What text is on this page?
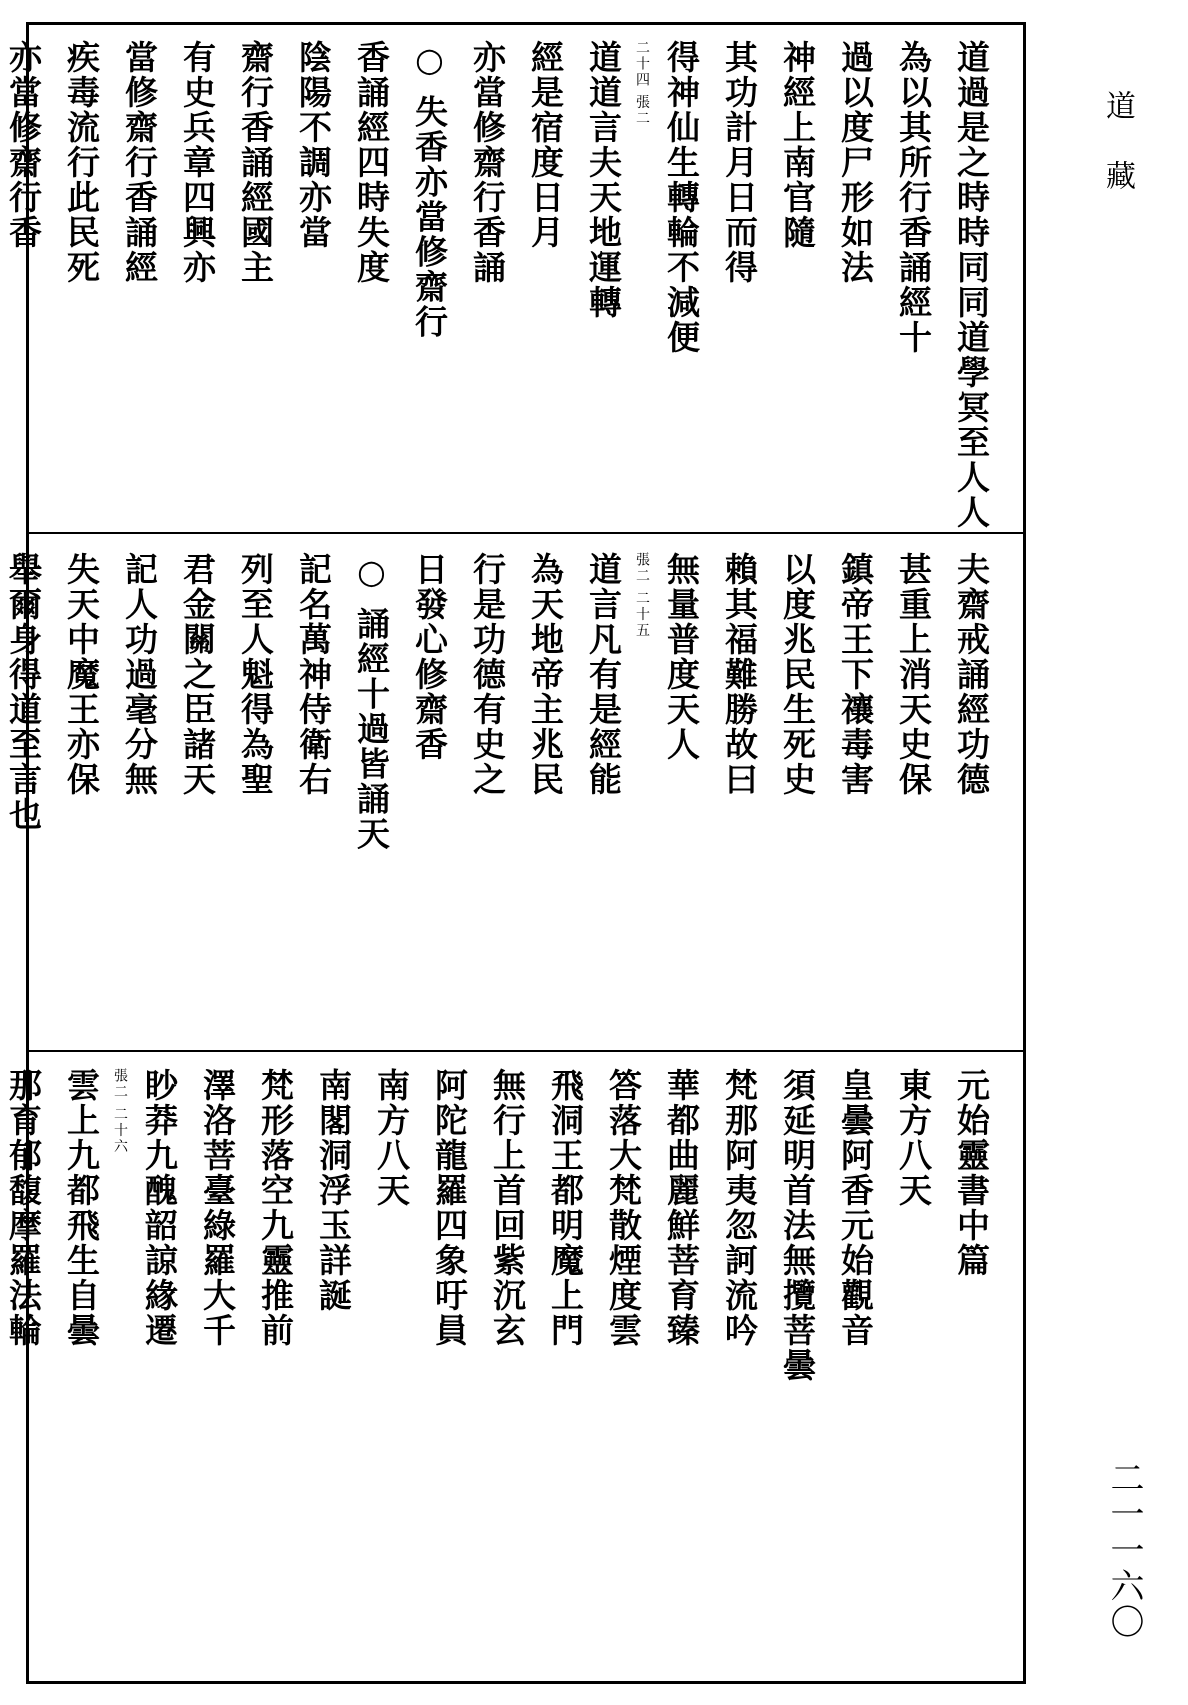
道過是之時時同同道學冥至人人
為以其所行香誦經十
過以度尸形如法
神經上南官隨
其功計月日而得
得神仙生轉輪不減便
二十四 張二
道道言夫天地運轉
經是宿度日月
亦當修齋行香誦
○ 失香亦當修齋行
香誦經四時失度
陰陽不調亦當
齋行香誦經國主
有史兵章四興亦
當修齋行香誦經
疾毒流行此民死
亦當修齋行香
夫齋戒誦經功德
甚重上消天史保
鎮帝王下禳毒害
以度兆民生死史
賴其福難勝故曰
無量普度天人
張二 二十五
道言凡有是經能
為天地帝主兆民
行是功德有史之
日發心修齋香
○ 誦經十過皆誦天
記名萬神侍衛右
列至人魁得為聖
君金關之臣諸天
記人功過毫分無
失天中魔王亦保
舉爾身得道至言也
元始靈書中篇
東方八天
皇曇阿香元始觀音
須延明首法無攬菩曇
梵那阿夷忽訶流吟
華都曲麗鮮菩育臻
答落大梵散煙度雲
飛洞王都明魔上門
無行上首回紫沉玄
阿陀龍羅四象吁員
南方八天
南閣洞浮玉詳誕
梵形落空九靈推前
澤洛菩臺綠羅大千
眇莽九醜韶諒緣遷
張二 二十六
雲上九都飛生自曇
那育郁馥摩羅法輪
道藏
二一一六〇
